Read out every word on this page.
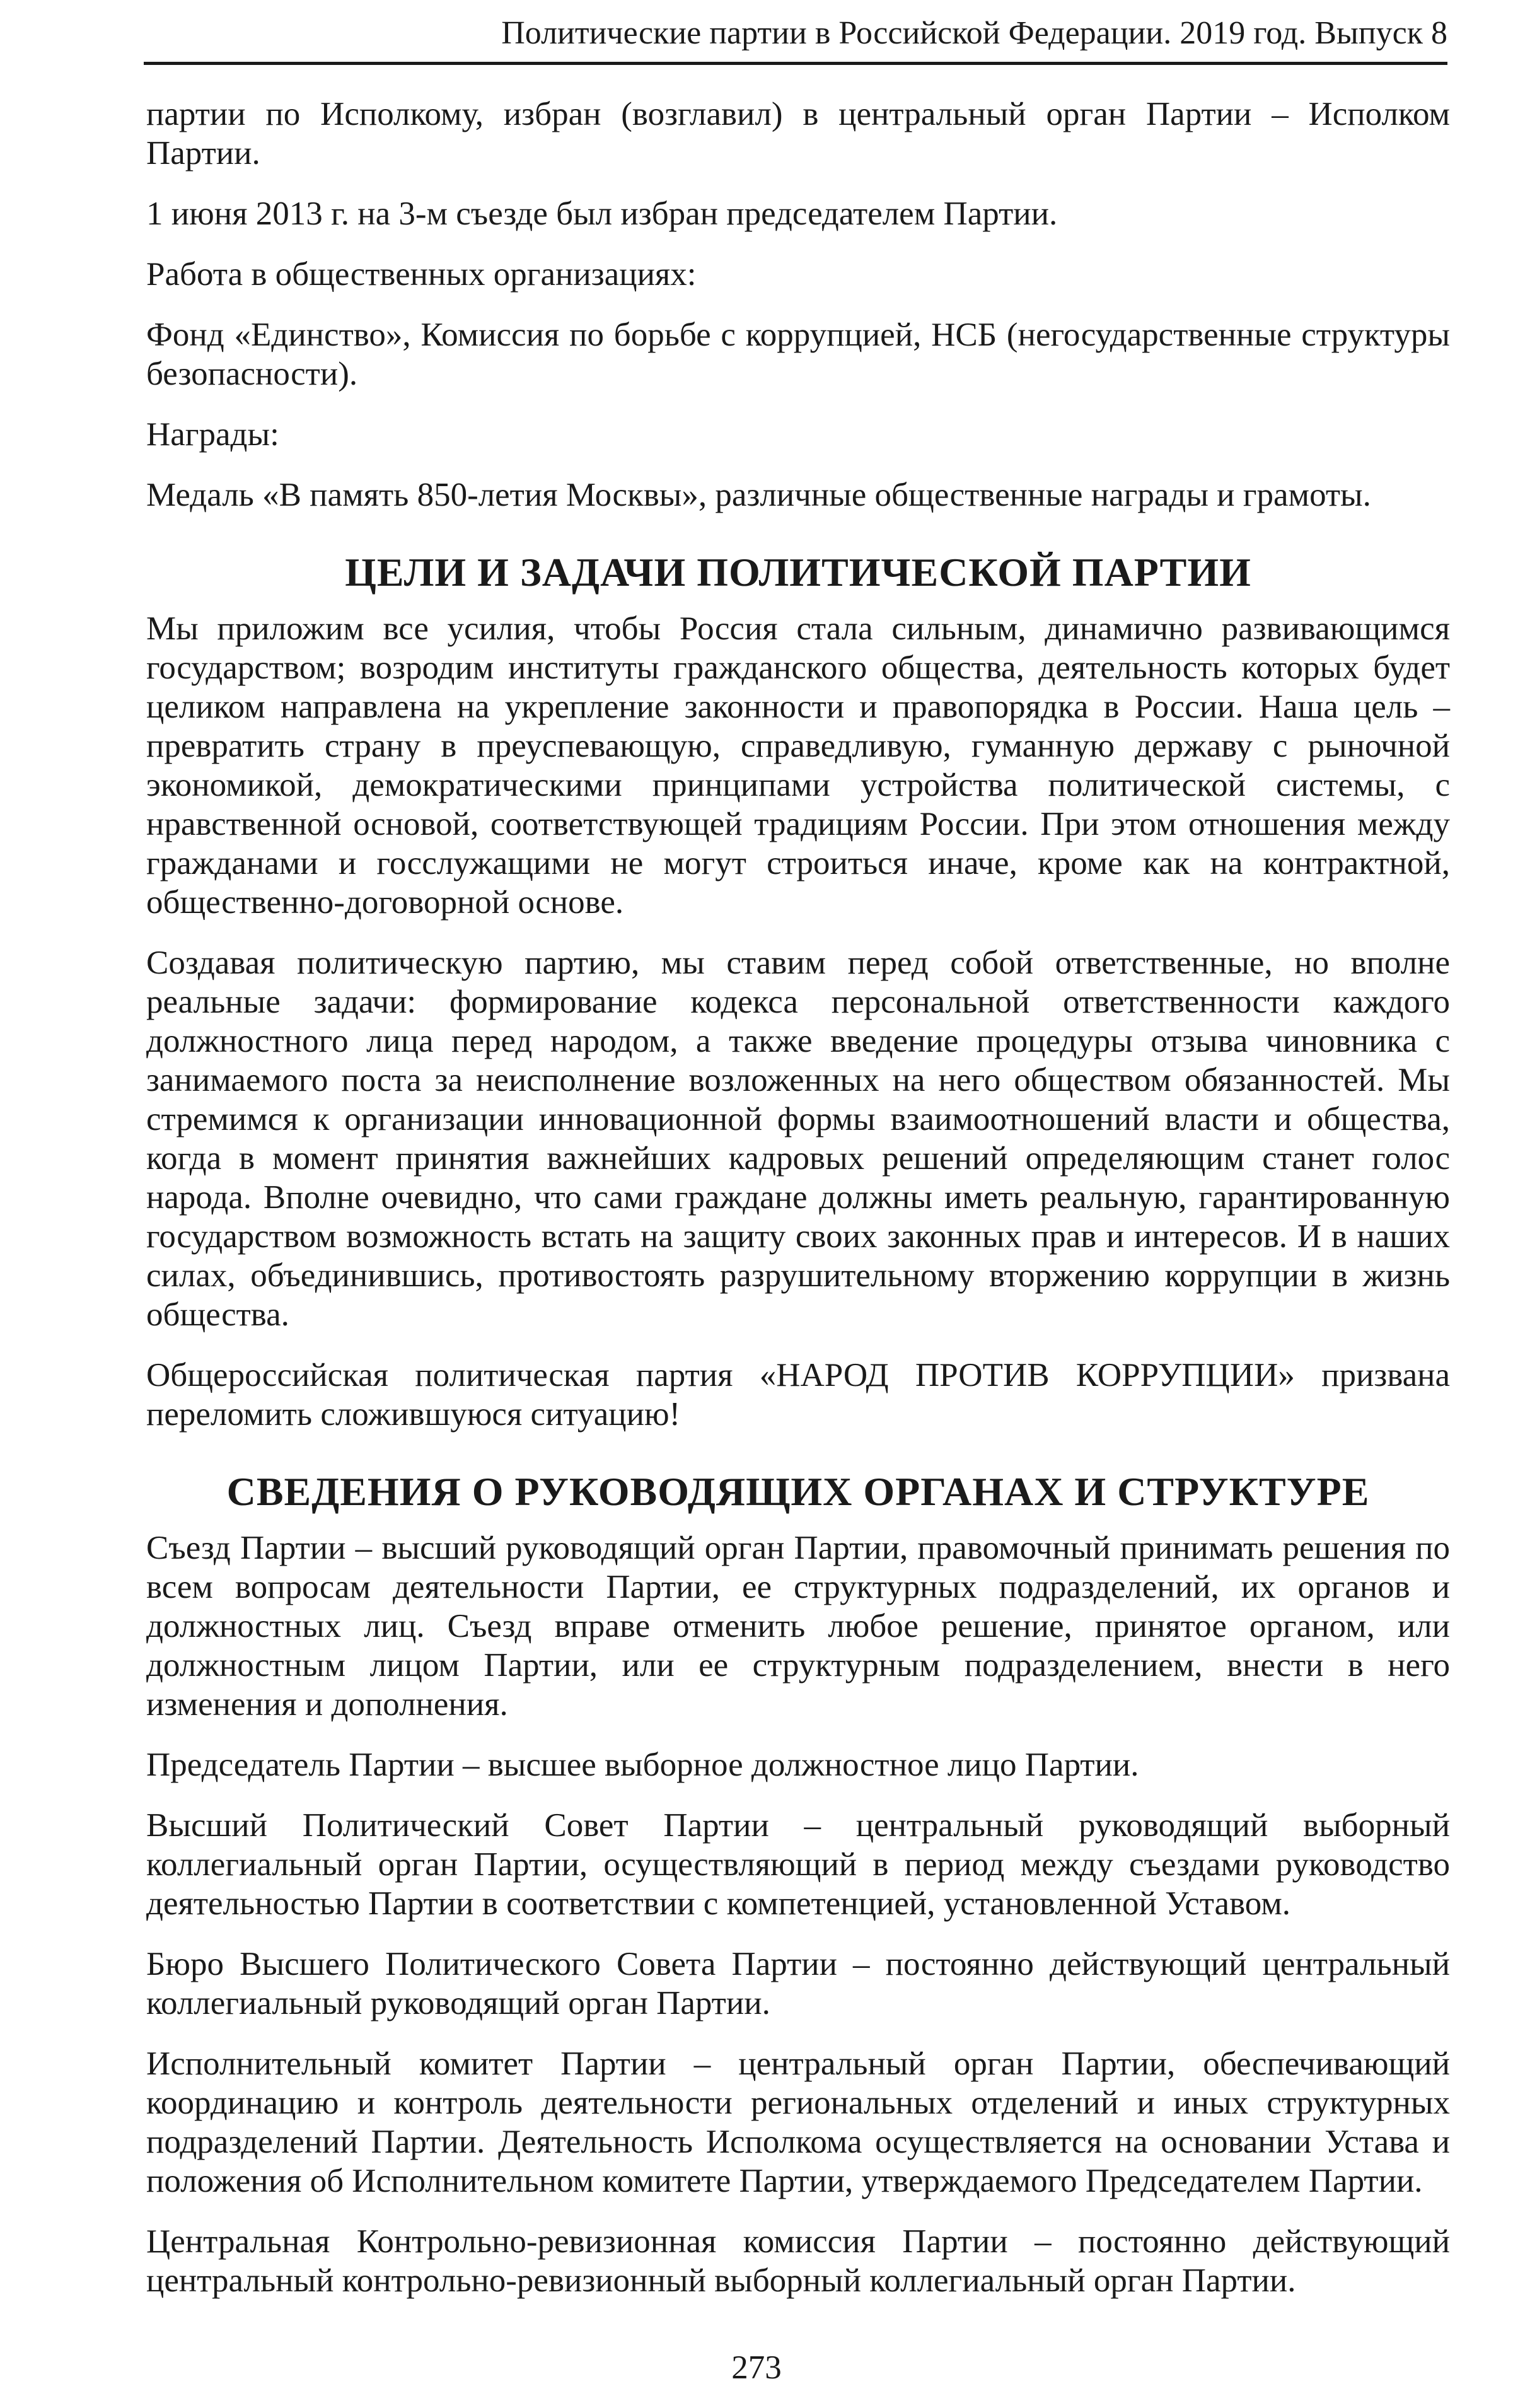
Политические партии в Российской Федерации. 2019 год. Выпуск 8

партии по Исполкому, избран (возглавил) в центральный орган Партии – Исполком Партии.

1 июня 2013 г. на 3-м съезде был избран председателем Партии.

Работа в общественных организациях:

Фонд «Единство», Комиссия по борьбе с коррупцией, НСБ (негосударственные структуры безопасности).

Награды:

Медаль «В память 850-летия Москвы», различные общественные награды и грамоты.

ЦЕЛИ И ЗАДАЧИ ПОЛИТИЧЕСКОЙ ПАРТИИ

Мы приложим все усилия, чтобы Россия стала сильным, динамично развивающимся государством; возродим институты гражданского общества, деятельность которых будет целиком направлена на укрепление законности и правопорядка в России. Наша цель – превратить страну в преуспевающую, справедливую, гуманную державу с рыночной экономикой, демократическими принципами устройства политической системы, с нравственной основой, соответствующей традициям России. При этом отношения между гражданами и госслужащими не могут строиться иначе, кроме как на контрактной, общественно-договорной основе.

Создавая политическую партию, мы ставим перед собой ответственные, но вполне реальные задачи: формирование кодекса персональной ответственности каждого должностного лица перед народом, а также введение процедуры отзыва чиновника с занимаемого поста за неисполнение возложенных на него обществом обязанностей. Мы стремимся к организации инновационной формы взаимоотношений власти и общества, когда в момент принятия важнейших кадровых решений определяющим станет голос народа. Вполне очевидно, что сами граждане должны иметь реальную, гарантированную государством возможность встать на защиту своих законных прав и интересов. И в наших силах, объединившись, противостоять разрушительному вторжению коррупции в жизнь общества.

Общероссийская политическая партия «НАРОД ПРОТИВ КОРРУПЦИИ» призвана переломить сложившуюся ситуацию!

СВЕДЕНИЯ О РУКОВОДЯЩИХ ОРГАНАХ И СТРУКТУРЕ

Съезд Партии – высший руководящий орган Партии, правомочный принимать решения по всем вопросам деятельности Партии, ее структурных подразделений, их органов и должностных лиц. Съезд вправе отменить любое решение, принятое органом, или должностным лицом Партии, или ее структурным подразделением, внести в него изменения и дополнения.

Председатель Партии – высшее выборное должностное лицо Партии.

Высший Политический Совет Партии – центральный руководящий выборный коллегиальный орган Партии, осуществляющий в период между съездами руководство деятельностью Партии в соответствии с компетенцией, установленной Уставом.

Бюро Высшего Политического Совета Партии – постоянно действующий центральный коллегиальный руководящий орган Партии.

Исполнительный комитет Партии – центральный орган Партии, обеспечивающий координацию и контроль деятельности региональных отделений и иных структурных подразделений Партии. Деятельность Исполкома осуществляется на основании Устава и положения об Исполнительном комитете Партии, утверждаемого Председателем Партии.

Центральная Контрольно-ревизионная комиссия Партии – постоянно действующий центральный контрольно-ревизионный выборный коллегиальный орган Партии.

273
